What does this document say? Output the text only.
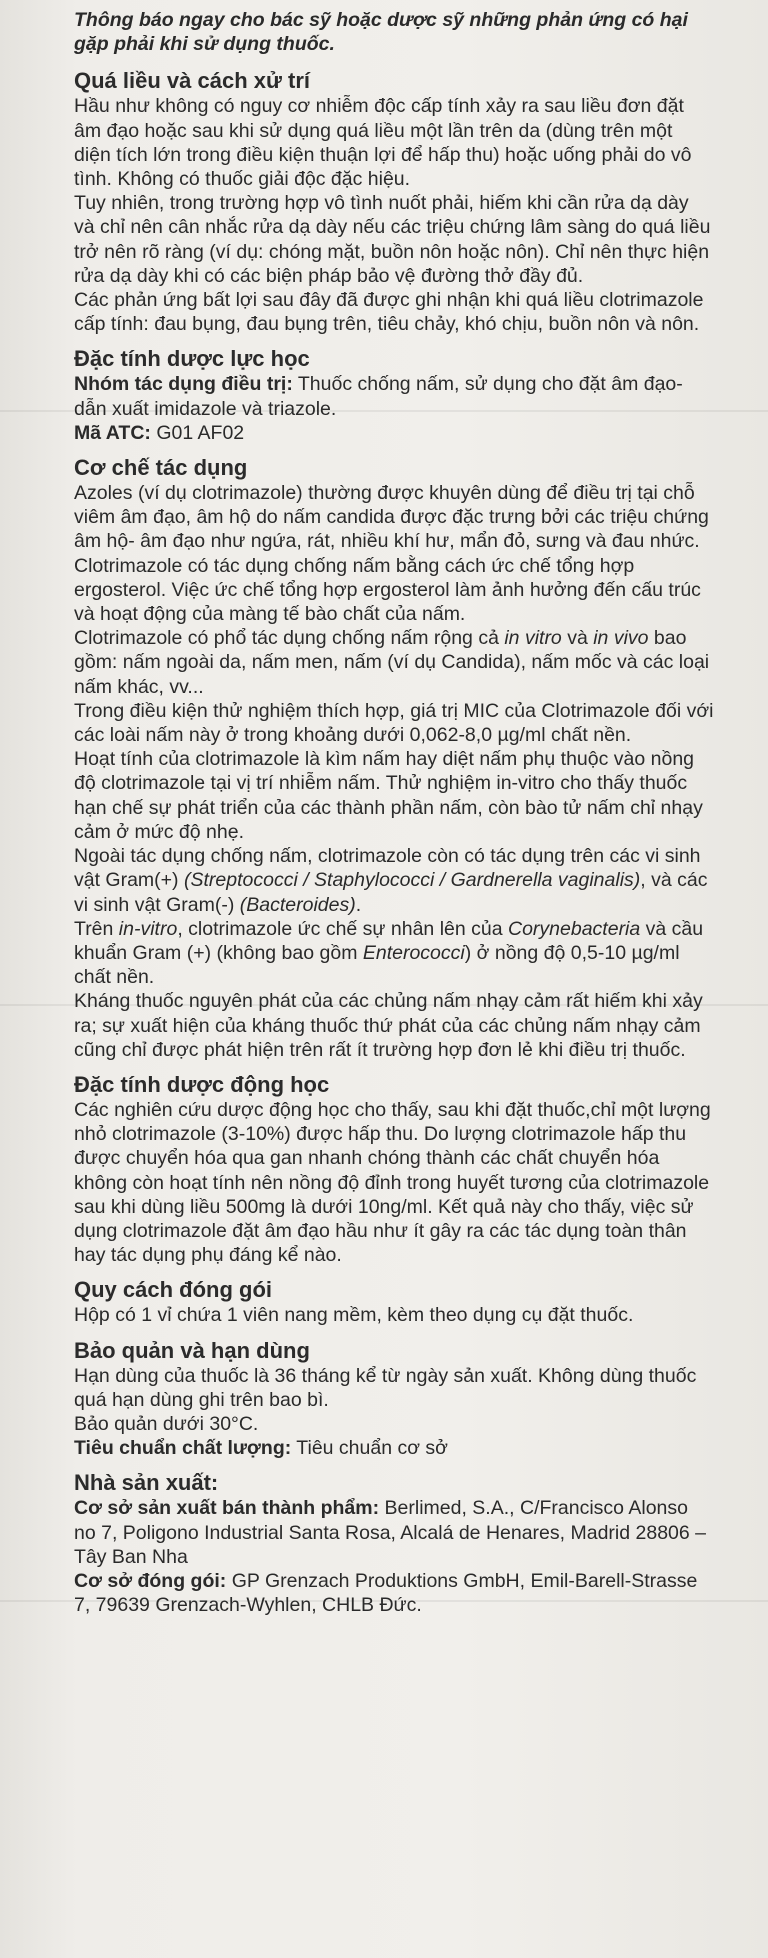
Thông báo ngay cho bác sỹ hoặc dược sỹ những phản ứng có hại gặp phải khi sử dụng thuốc.

Quá liều và cách xử trí

Hầu như không có nguy cơ nhiễm độc cấp tính xảy ra sau liều đơn đặt âm đạo hoặc sau khi sử dụng quá liều một lần trên da (dùng trên một diện tích lớn trong điều kiện thuận lợi để hấp thu) hoặc uống phải do vô tình. Không có thuốc giải độc đặc hiệu.

Tuy nhiên, trong trường hợp vô tình nuốt phải, hiếm khi cần rửa dạ dày và chỉ nên cân nhắc rửa dạ dày nếu các triệu chứng lâm sàng do quá liều trở nên rõ ràng (ví dụ: chóng mặt, buồn nôn hoặc nôn). Chỉ nên thực hiện rửa dạ dày khi có các biện pháp bảo vệ đường thở đầy đủ.

Các phản ứng bất lợi sau đây đã được ghi nhận khi quá liều clotrimazole cấp tính: đau bụng, đau bụng trên, tiêu chảy, khó chịu, buồn nôn và nôn.

Đặc tính dược lực học

Nhóm tác dụng điều trị: Thuốc chống nấm, sử dụng cho đặt âm đạo- dẫn xuất imidazole và triazole.

Mã ATC: G01 AF02

Cơ chế tác dụng

Azoles (ví dụ clotrimazole) thường được khuyên dùng để điều trị tại chỗ viêm âm đạo, âm hộ do nấm candida được đặc trưng bởi các triệu chứng âm hộ- âm đạo như ngứa, rát, nhiều khí hư, mẩn đỏ, sưng và đau nhức.

Clotrimazole có tác dụng chống nấm bằng cách ức chế tổng hợp ergosterol. Việc ức chế tổng hợp ergosterol làm ảnh hưởng đến cấu trúc và hoạt động của màng tế bào chất của nấm.

Clotrimazole có phổ tác dụng chống nấm rộng cả in vitro và in vivo bao gồm: nấm ngoài da, nấm men, nấm (ví dụ Candida), nấm mốc và các loại nấm khác, vv...

Trong điều kiện thử nghiệm thích hợp, giá trị MIC của Clotrimazole đối với các loài nấm này ở trong khoảng dưới 0,062-8,0 µg/ml chất nền.

Hoạt tính của clotrimazole là kìm nấm hay diệt nấm phụ thuộc vào nồng độ clotrimazole tại vị trí nhiễm nấm. Thử nghiệm in-vitro cho thấy thuốc hạn chế sự phát triển của các thành phần nấm, còn bào tử nấm chỉ nhạy cảm ở mức độ nhẹ.

Ngoài tác dụng chống nấm, clotrimazole còn có tác dụng trên các vi sinh vật Gram(+) (Streptococci / Staphylococci / Gardnerella vaginalis), và các vi sinh vật Gram(-) (Bacteroides).

Trên in-vitro, clotrimazole ức chế sự nhân lên của Corynebacteria và cầu khuẩn Gram (+) (không bao gồm Enterococci) ở nồng độ 0,5-10 µg/ml chất nền.

Kháng thuốc nguyên phát của các chủng nấm nhạy cảm rất hiếm khi xảy ra; sự xuất hiện của kháng thuốc thứ phát của các chủng nấm nhạy cảm cũng chỉ được phát hiện trên rất ít trường hợp đơn lẻ khi điều trị thuốc.

Đặc tính dược động học

Các nghiên cứu dược động học cho thấy, sau khi đặt thuốc,chỉ một lượng nhỏ clotrimazole (3-10%) được hấp thu. Do lượng clotrimazole hấp thu được chuyển hóa qua gan nhanh chóng thành các chất chuyển hóa không còn hoạt tính nên nồng độ đỉnh trong huyết tương của clotrimazole sau khi dùng liều 500mg là dưới 10ng/ml. Kết quả này cho thấy, việc sử dụng clotrimazole đặt âm đạo hầu như ít gây ra các tác dụng toàn thân hay tác dụng phụ đáng kể nào.

Quy cách đóng gói

Hộp có 1 vỉ chứa 1 viên nang mềm, kèm theo dụng cụ đặt thuốc.

Bảo quản và hạn dùng

Hạn dùng của thuốc là 36 tháng kể từ ngày sản xuất. Không dùng thuốc quá hạn dùng ghi trên bao bì.

Bảo quản dưới 30°C.

Tiêu chuẩn chất lượng: Tiêu chuẩn cơ sở

Nhà sản xuất:

Cơ sở sản xuất bán thành phẩm: Berlimed, S.A., C/Francisco Alonso no 7, Poligono Industrial Santa Rosa, Alcalá de Henares, Madrid 28806 – Tây Ban Nha

Cơ sở đóng gói: GP Grenzach Produktions GmbH, Emil-Barell-Strasse 7, 79639 Grenzach-Wyhlen, CHLB Đức.
